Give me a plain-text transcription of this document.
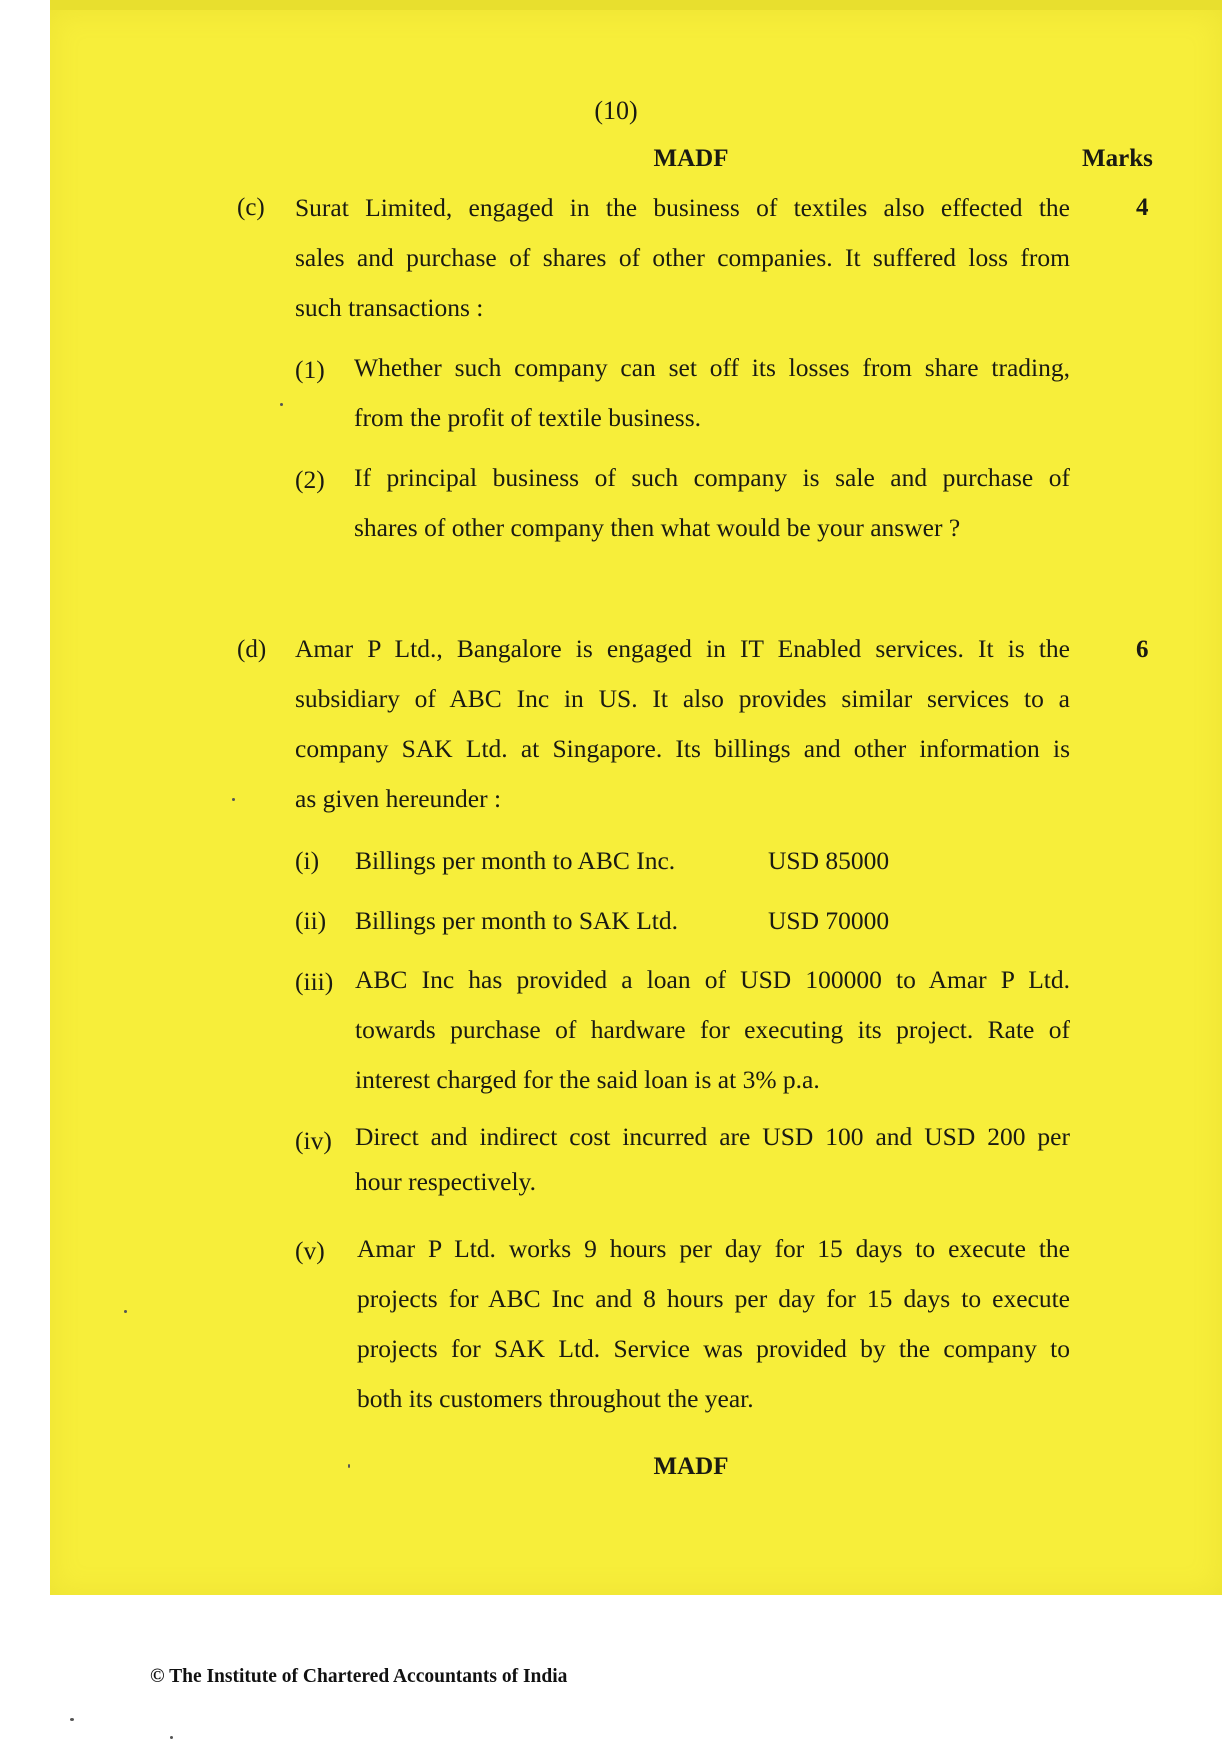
(10)
MADF	Marks
(c)	4
Surat Limited, engaged in the business of textiles also effected the
sales and purchase of shares of other companies. It suffered loss from
such transactions :
(1) Whether such company can set off its losses from share trading,
from the profit of textile business.
(2) If principal business of such company is sale and purchase of
shares of other company then what would be your answer ?
(d)	6
Amar P Ltd., Bangalore is engaged in IT Enabled services. It is the
subsidiary of ABC Inc in US. It also provides similar services to a
company SAK Ltd. at Singapore. Its billings and other information is
as given hereunder :
(i) Billings per month to ABC Inc.	USD 85000
(ii) Billings per month to SAK Ltd.	USD 70000
(iii) ABC Inc has provided a loan of USD 100000 to Amar P Ltd.
towards purchase of hardware for executing its project. Rate of
interest charged for the said loan is at 3% p.a.
(iv) Direct and indirect cost incurred are USD 100 and USD 200 per
hour respectively.
(v) Amar P Ltd. works 9 hours per day for 15 days to execute the
projects for ABC Inc and 8 hours per day for 15 days to execute
projects for SAK Ltd. Service was provided by the company to
both its customers throughout the year.
MADF
© The Institute of Chartered Accountants of India
